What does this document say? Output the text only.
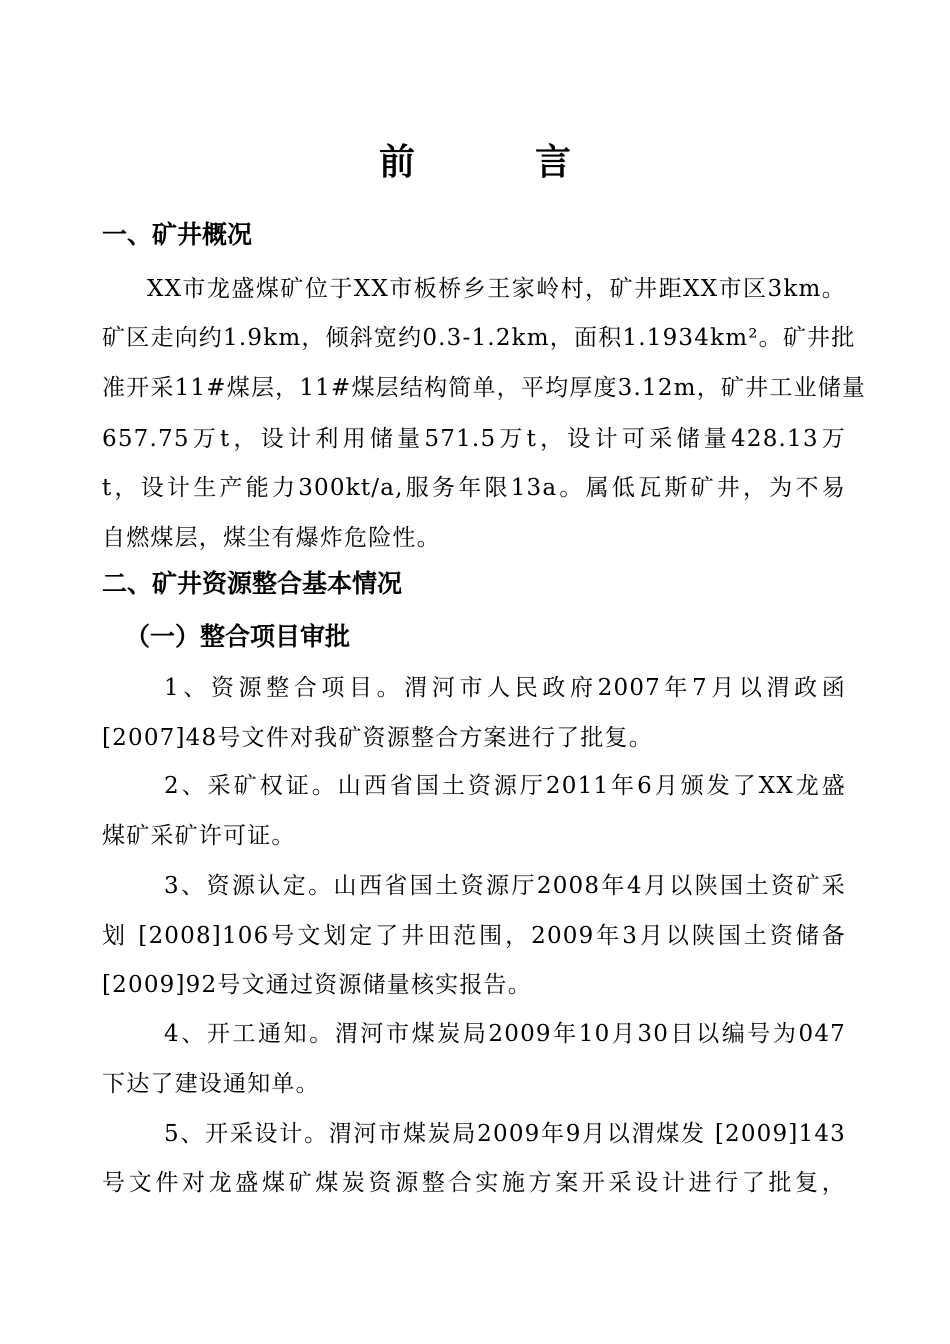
前　言
一、矿井概况
XX市龙盛煤矿位于XX市板桥乡王家岭村，矿井距XX市区3km。
矿区走向约1.9km，倾斜宽约0.3-1.2km，面积1.1934km²。矿井批
准开采11#煤层，11#煤层结构简单，平均厚度3.12m，矿井工业储量
657.75万t，设计利用储量571.5万t，设计可采储量428.13万
t，设计生产能力300kt/a,服务年限13a。属低瓦斯矿井，为不易
自燃煤层，煤尘有爆炸危险性。
二、矿井资源整合基本情况
（一）整合项目审批
1、资源整合项目。渭河市人民政府2007年7月以渭政函
[2007]48号文件对我矿资源整合方案进行了批复。
2、采矿权证。山西省国土资源厅2011年6月颁发了XX龙盛
煤矿采矿许可证。
3、资源认定。山西省国土资源厅2008年4月以陕国土资矿采
划 [2008]106号文划定了井田范围，2009年3月以陕国土资储备
[2009]92号文通过资源储量核实报告。
4、开工通知。渭河市煤炭局2009年10月30日以编号为047
下达了建设通知单。
5、开采设计。渭河市煤炭局2009年9月以渭煤发 [2009]143
号文件对龙盛煤矿煤炭资源整合实施方案开采设计进行了批复，
